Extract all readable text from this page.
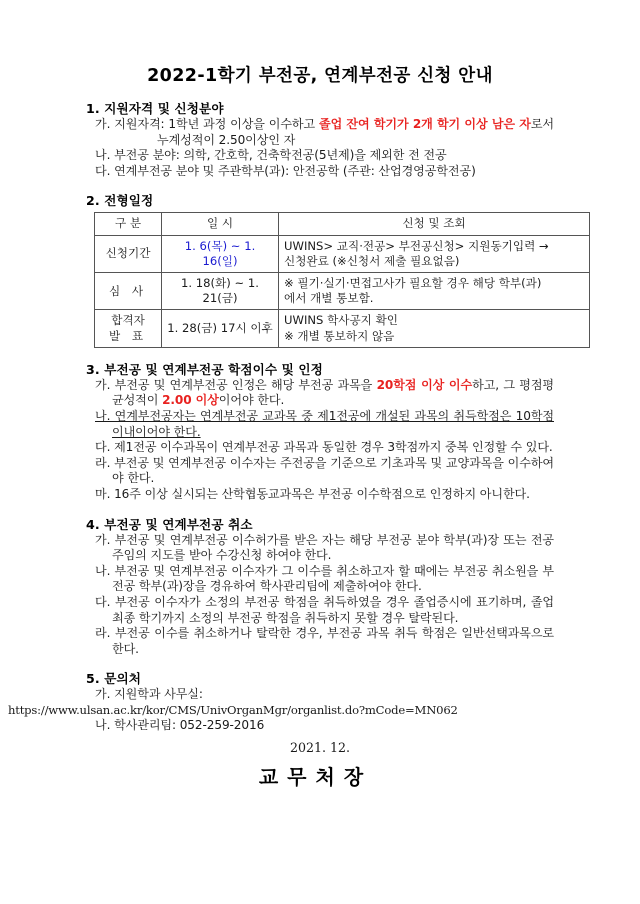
2022-1학기 부전공, 연계부전공 신청 안내
1. 지원자격 및 신청분야

가. 지원자격: 1학년 과정 이상을 이수하고 졸업 잔여 학기가 2개 학기 이상 남은 자로서 누계성적이 2.50이상인 자

나. 부전공 분야: 의학, 간호학, 건축학전공(5년제)을 제외한 전 전공

다. 연계부전공 분야 및 주관학부(과): 안전공학 (주관: 산업경영공학전공)

2. 전형일정
구 분	일 시	신청 및 조회
신청기간	1. 6(목) ~ 1. 16(일)	UWINS> 교직·전공> 부전공신청> 지원동기입력 →
신청완료 (※신청서 제출 필요없음)
심 사	1. 18(화) ~ 1. 21(금)	※ 필기·실기·면접고사가 필요할 경우 해당 학부(과)
에서 개별 통보함.
합격자
발 표	1. 28(금) 17시 이후	UWINS 학사공지 확인
※ 개별 통보하지 않음
3. 부전공 및 연계부전공 학점이수 및 인정

가. 부전공 및 연계부전공 인정은 해당 부전공 과목을 20학점 이상 이수하고, 그 평점평균성적이 2.00 이상이어야 한다.

나. 연계부전공자는 연계부전공 교과목 중 제1전공에 개설된 과목의 취득학점은 10학점 이내이어야 한다.

다. 제1전공 이수과목이 연계부전공 과목과 동일한 경우 3학점까지 중복 인정할 수 있다.

라. 부전공 및 연계부전공 이수자는 주전공을 기준으로 기초과목 및 교양과목을 이수하여야 한다.

마. 16주 이상 실시되는 산학협동교과목은 부전공 이수학점으로 인정하지 아니한다.

4. 부전공 및 연계부전공 취소

가. 부전공 및 연계부전공 이수허가를 받은 자는 해당 부전공 분야 학부(과)장 또는 전공주임의 지도를 받아 수강신청 하여야 한다.

나. 부전공 및 연계부전공 이수자가 그 이수를 취소하고자 할 때에는 부전공 취소원을 부전공 학부(과)장을 경유하여 학사관리팀에 제출하여야 한다.

다. 부전공 이수자가 소정의 부전공 학점을 취득하였을 경우 졸업증시에 표기하며, 졸업 최종 학기까지 소정의 부전공 학점을 취득하지 못할 경우 탈락된다.

라. 부전공 이수를 취소하거나 탈락한 경우, 부전공 과목 취득 학점은 일반선택과목으로 한다.

5. 문의처

가. 지원학과 사무실:

https://www.ulsan.ac.kr/kor/CMS/UnivOrganMgr/organlist.do?mCode=MN062

나. 학사관리팀: 052-259-2016

2021. 12.

교무처장
